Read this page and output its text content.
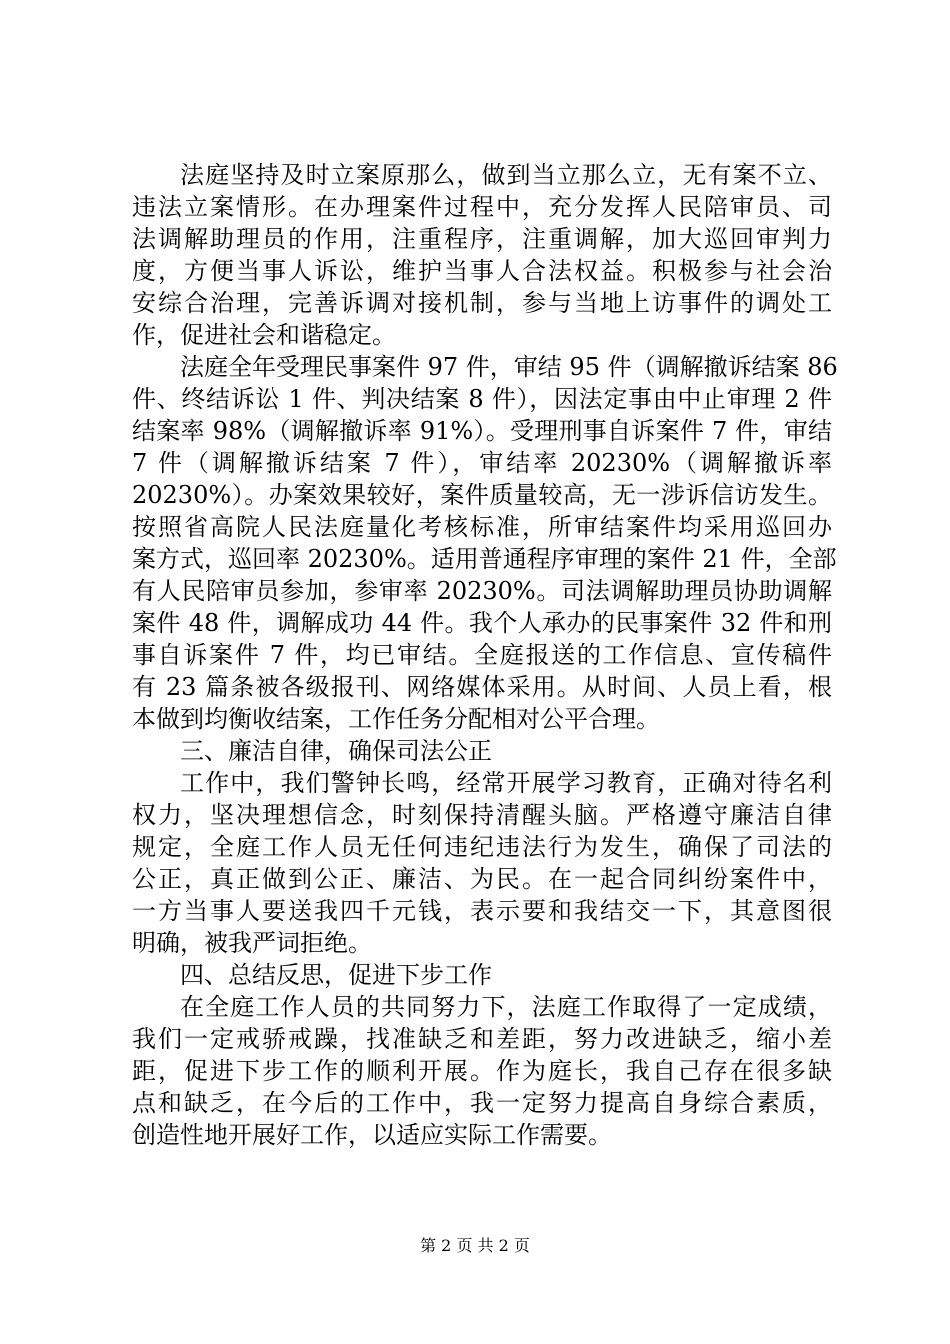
法庭坚持及时立案原那么，做到当立那么立，无有案不立、
违法立案情形。在办理案件过程中，充分发挥人民陪审员、司
法调解助理员的作用，注重程序，注重调解，加大巡回审判力
度，方便当事人诉讼，维护当事人合法权益。积极参与社会治
安综合治理，完善诉调对接机制，参与当地上访事件的调处工
作，促进社会和谐稳定。
法庭全年受理民事案件 97 件，审结 95 件（调解撤诉结案 86
件、终结诉讼 1 件、判决结案 8 件），因法定事由中止审理 2 件
结案率 98%（调解撤诉率 91%）。受理刑事自诉案件 7 件，审结
7 件（调解撤诉结案 7 件），审结率 20230%（调解撤诉率
20230%）。办案效果较好，案件质量较高，无一涉诉信访发生。
按照省高院人民法庭量化考核标准，所审结案件均采用巡回办
案方式，巡回率 20230%。适用普通程序审理的案件 21 件，全部
有人民陪审员参加，参审率 20230%。司法调解助理员协助调解
案件 48 件，调解成功 44 件。我个人承办的民事案件 32 件和刑
事自诉案件 7 件，均已审结。全庭报送的工作信息、宣传稿件
有 23 篇条被各级报刊、网络媒体采用。从时间、人员上看，根
本做到均衡收结案，工作任务分配相对公平合理。
三、廉洁自律，确保司法公正
工作中，我们警钟长鸣，经常开展学习教育，正确对待名利
权力，坚决理想信念，时刻保持清醒头脑。严格遵守廉洁自律
规定，全庭工作人员无任何违纪违法行为发生，确保了司法的
公正，真正做到公正、廉洁、为民。在一起合同纠纷案件中，
一方当事人要送我四千元钱，表示要和我结交一下，其意图很
明确，被我严词拒绝。
四、总结反思，促进下步工作
在全庭工作人员的共同努力下，法庭工作取得了一定成绩，
我们一定戒骄戒躁，找准缺乏和差距，努力改进缺乏，缩小差
距，促进下步工作的顺利开展。作为庭长，我自己存在很多缺
点和缺乏，在今后的工作中，我一定努力提高自身综合素质，
创造性地开展好工作，以适应实际工作需要。
第 2 页 共 2 页
